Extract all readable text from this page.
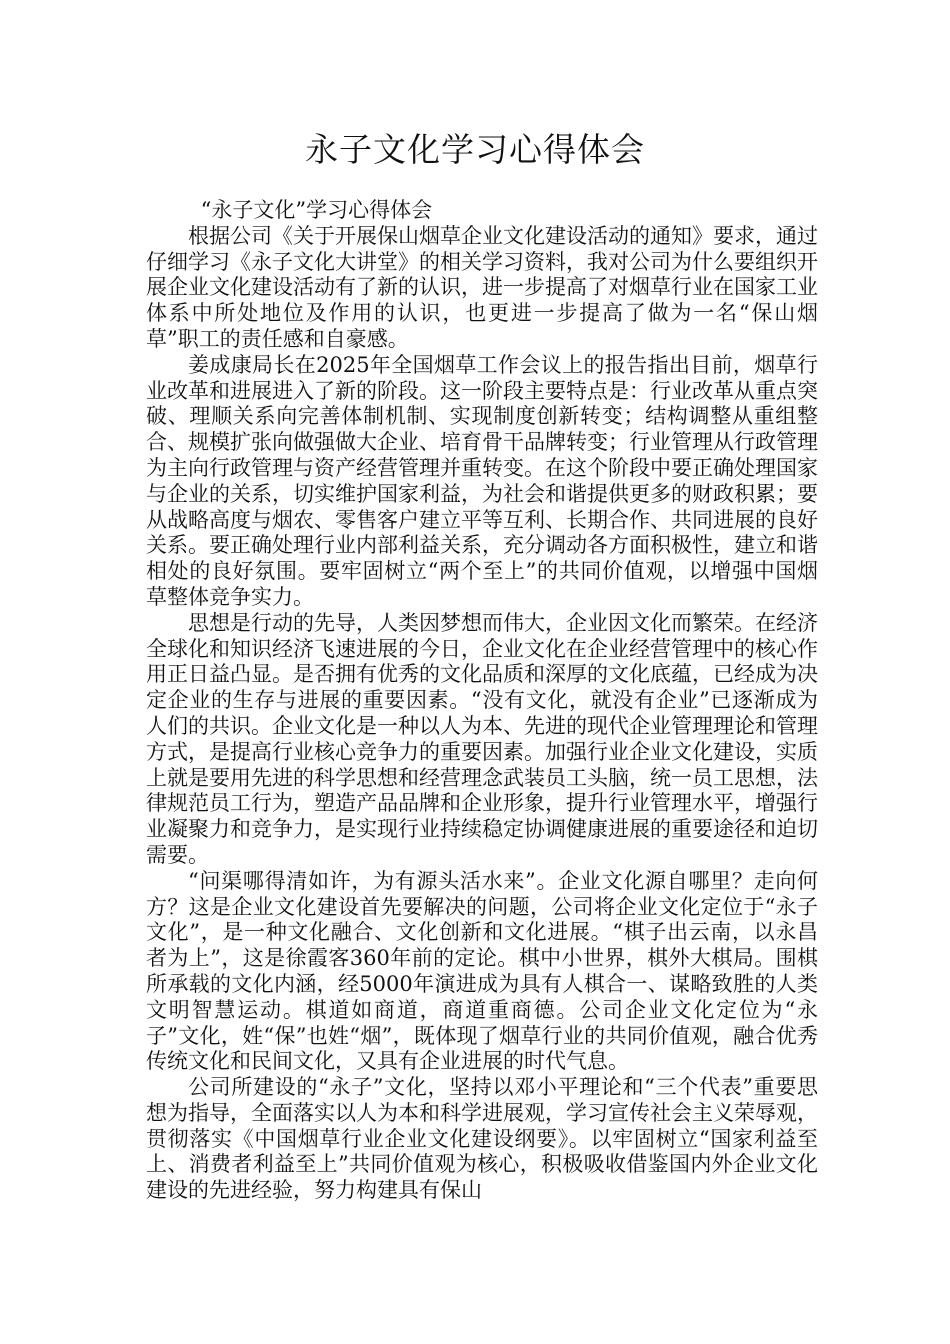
永子文化学习心得体会

“永子文化”学习心得体会

根据公司《关于开展保山烟草企业文化建设活动的通知》要求，通过仔细学习《永子文化大讲堂》的相关学习资料，我对公司为什么要组织开展企业文化建设活动有了新的认识，进一步提高了对烟草行业在国家工业体系中所处地位及作用的认识，也更进一步提高了做为一名“保山烟草”职工的责任感和自豪感。

姜成康局长在2025年全国烟草工作会议上的报告指出目前，烟草行业改革和进展进入了新的阶段。这一阶段主要特点是：行业改革从重点突破、理顺关系向完善体制机制、实现制度创新转变；结构调整从重组整合、规模扩张向做强做大企业、培育骨干品牌转变；行业管理从行政管理为主向行政管理与资产经营管理并重转变。在这个阶段中要正确处理国家与企业的关系，切实维护国家利益，为社会和谐提供更多的财政积累；要从战略高度与烟农、零售客户建立平等互利、长期合作、共同进展的良好关系。要正确处理行业内部利益关系，充分调动各方面积极性，建立和谐相处的良好氛围。要牢固树立“两个至上”的共同价值观，以增强中国烟草整体竞争实力。

思想是行动的先导，人类因梦想而伟大，企业因文化而繁荣。在经济全球化和知识经济飞速进展的今日，企业文化在企业经营管理中的核心作用正日益凸显。是否拥有优秀的文化品质和深厚的文化底蕴，已经成为决定企业的生存与进展的重要因素。“没有文化，就没有企业”已逐渐成为人们的共识。企业文化是一种以人为本、先进的现代企业管理理论和管理方式，是提高行业核心竞争力的重要因素。加强行业企业文化建设，实质上就是要用先进的科学思想和经营理念武装员工头脑，统一员工思想，法律规范员工行为，塑造产品品牌和企业形象，提升行业管理水平，增强行业凝聚力和竞争力，是实现行业持续稳定协调健康进展的重要途径和迫切需要。

“问渠哪得清如许，为有源头活水来”。企业文化源自哪里？走向何方？这是企业文化建设首先要解决的问题，公司将企业文化定位于“永子文化”，是一种文化融合、文化创新和文化进展。“棋子出云南，以永昌者为上”，这是徐霞客360年前的定论。棋中小世界，棋外大棋局。围棋所承载的文化内涵，经5000年演进成为具有人棋合一、谋略致胜的人类文明智慧运动。棋道如商道，商道重商德。公司企业文化定位为“永子”文化，姓“保”也姓“烟”，既体现了烟草行业的共同价值观，融合优秀传统文化和民间文化，又具有企业进展的时代气息。

公司所建设的“永子”文化，坚持以邓小平理论和“三个代表”重要思想为指导，全面落实以人为本和科学进展观，学习宣传社会主义荣辱观，贯彻落实《中国烟草行业企业文化建设纲要》。以牢固树立“国家利益至上、消费者利益至上”共同价值观为核心，积极吸收借鉴国内外企业文化建设的先进经验，努力构建具有保山
